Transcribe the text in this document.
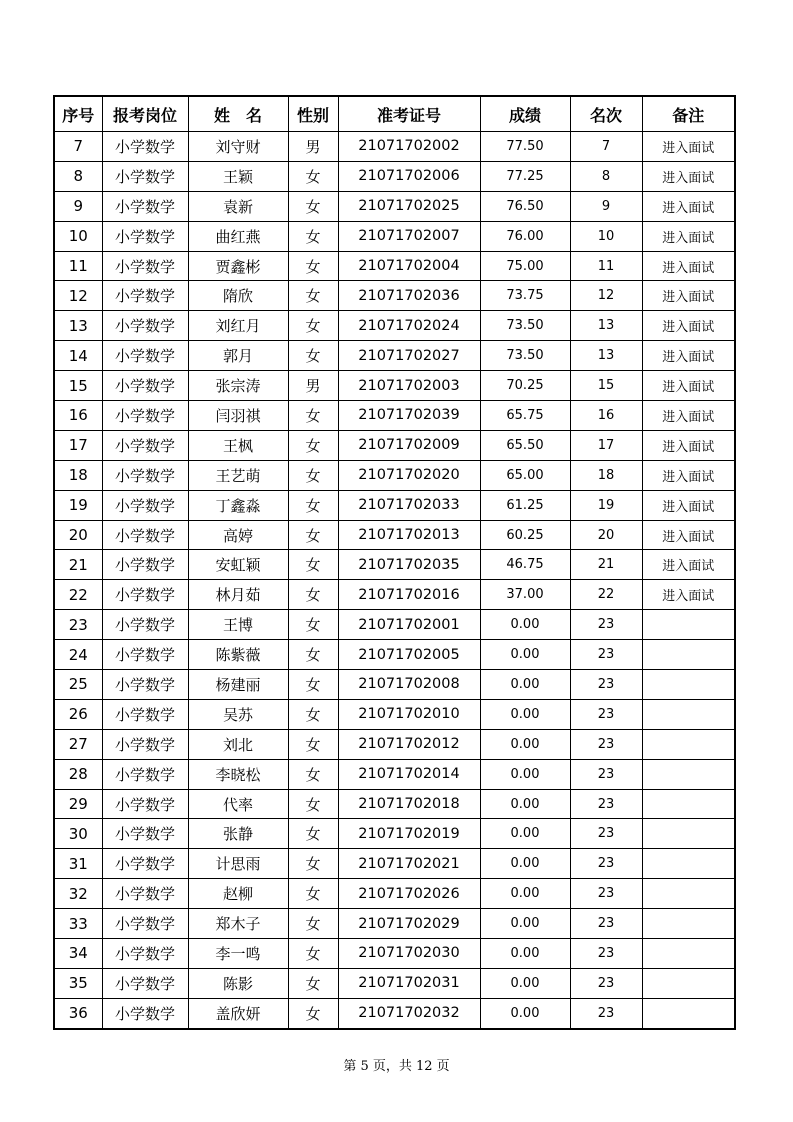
序号	报考岗位	姓　名	性别	准考证号	成绩	名次	备注
7	小学数学	刘守财	男	21071702002	77.50	7	进入面试
8	小学数学	王颖	女	21071702006	77.25	8	进入面试
9	小学数学	袁新	女	21071702025	76.50	9	进入面试
10	小学数学	曲红燕	女	21071702007	76.00	10	进入面试
11	小学数学	贾鑫彬	女	21071702004	75.00	11	进入面试
12	小学数学	隋欣	女	21071702036	73.75	12	进入面试
13	小学数学	刘红月	女	21071702024	73.50	13	进入面试
14	小学数学	郭月	女	21071702027	73.50	13	进入面试
15	小学数学	张宗涛	男	21071702003	70.25	15	进入面试
16	小学数学	闫羽祺	女	21071702039	65.75	16	进入面试
17	小学数学	王枫	女	21071702009	65.50	17	进入面试
18	小学数学	王艺萌	女	21071702020	65.00	18	进入面试
19	小学数学	丁鑫淼	女	21071702033	61.25	19	进入面试
20	小学数学	高婷	女	21071702013	60.25	20	进入面试
21	小学数学	安虹颖	女	21071702035	46.75	21	进入面试
22	小学数学	林月茹	女	21071702016	37.00	22	进入面试
23	小学数学	王博	女	21071702001	0.00	23	
24	小学数学	陈紫薇	女	21071702005	0.00	23	
25	小学数学	杨建丽	女	21071702008	0.00	23	
26	小学数学	吴苏	女	21071702010	0.00	23	
27	小学数学	刘北	女	21071702012	0.00	23	
28	小学数学	李晓松	女	21071702014	0.00	23	
29	小学数学	代率	女	21071702018	0.00	23	
30	小学数学	张静	女	21071702019	0.00	23	
31	小学数学	计思雨	女	21071702021	0.00	23	
32	小学数学	赵柳	女	21071702026	0.00	23	
33	小学数学	郑木子	女	21071702029	0.00	23	
34	小学数学	李一鸣	女	21071702030	0.00	23	
35	小学数学	陈影	女	21071702031	0.00	23	
36	小学数学	盖欣妍	女	21071702032	0.00	23	
第 5 页，共 12 页
